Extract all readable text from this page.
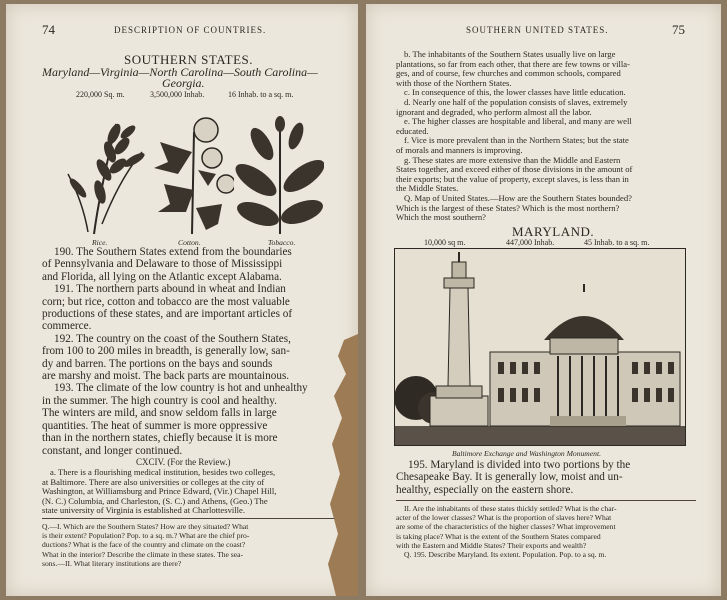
74	DESCRIPTION OF COUNTRIES.
SOUTHERN STATES.
Maryland—Virginia—North Carolina—South Carolina—
Georgia.
220,000 Sq. m.	3,500,000 Inhab.	16 Inhab. to a sq. m.
Rice.	Cotton.	Tobacco.
190. The Southern States extend from the boundaries
of Pennsylvania and Delaware to those of Mississippi
and Florida, all lying on the Atlantic except Alabama.
191. The northern parts abound in wheat and Indian
corn; but rice, cotton and tobacco are the most valuable
productions of these states, and are important articles of
commerce.
192. The country on the coast of the Southern States,
from 100 to 200 miles in breadth, is generally low, san-
dy and barren. The portions on the bays and sounds
are marshy and moist. The back parts are mountainous.
193. The climate of the low country is hot and unhealthy
in the summer. The high country is cool and healthy.
The winters are mild, and snow seldom falls in large
quantities. The heat of summer is more oppressive
than in the northern states, chiefly because it is more
constant, and longer continued.
CXCIV. (For the Review.)
a. There is a flourishing medical institution, besides two colleges,
at Baltimore. There are also universities or colleges at the city of
Washington, at Williamsburg and Prince Edward, (Vir.) Chapel Hill,
(N. C.) Columbia, and Charleston, (S. C.) and Athens, (Geo.) The
state university of Virginia is established at Charlottesville.
Q.—I. Which are the Southern States? How are they situated? What
is their extent? Population? Pop. to a sq. m.? What are the chief pro-
ductions? What is the face of the country and climate on the coast?
What in the interior? Describe the climate in these states. The sea-
sons.—II. What literary institutions are there?
SOUTHERN UNITED STATES.	75
b. The inhabitants of the Southern States usually live on large
plantations, so far from each other, that there are few towns or villa-
ges, and of course, few churches and common schools, compared
with those of the Northern States.
c. In consequence of this, the lower classes have little education.
d. Nearly one half of the population consists of slaves, extremely
ignorant and degraded, who perform almost all the labor.
e. The higher classes are hospitable and liberal, and many are well
educated.
f. Vice is more prevalent than in the Northern States; but the state
of morals and manners is improving.
g. These states are more extensive than the Middle and Eastern
States together, and exceed either of those divisions in the amount of
their exports; but the value of property, except slaves, is less than in
the Middle States.
Q. Map of United States.—How are the Southern States bounded?
Which is the largest of these States? Which is the most northern?
Which the most southern?
MARYLAND.
10,000 sq m.	447,000 Inhab.	45 Inhab. to a sq. m.
Baltimore Exchange and Washington Monument.
195. Maryland is divided into two portions by the
Chesapeake Bay. It is generally low, moist and un-
healthy, especially on the eastern shore.
II. Are the inhabitants of these states thickly settled? What is the char-
acter of the lower classes? What is the proportion of slaves here? What
are some of the characteristics of the higher classes? What improvement
is taking place? What is the extent of the Southern States compared
with the Eastern and Middle States? Their exports and wealth?
Q. 195. Describe Maryland. Its extent. Population. Pop. to a sq. m.
